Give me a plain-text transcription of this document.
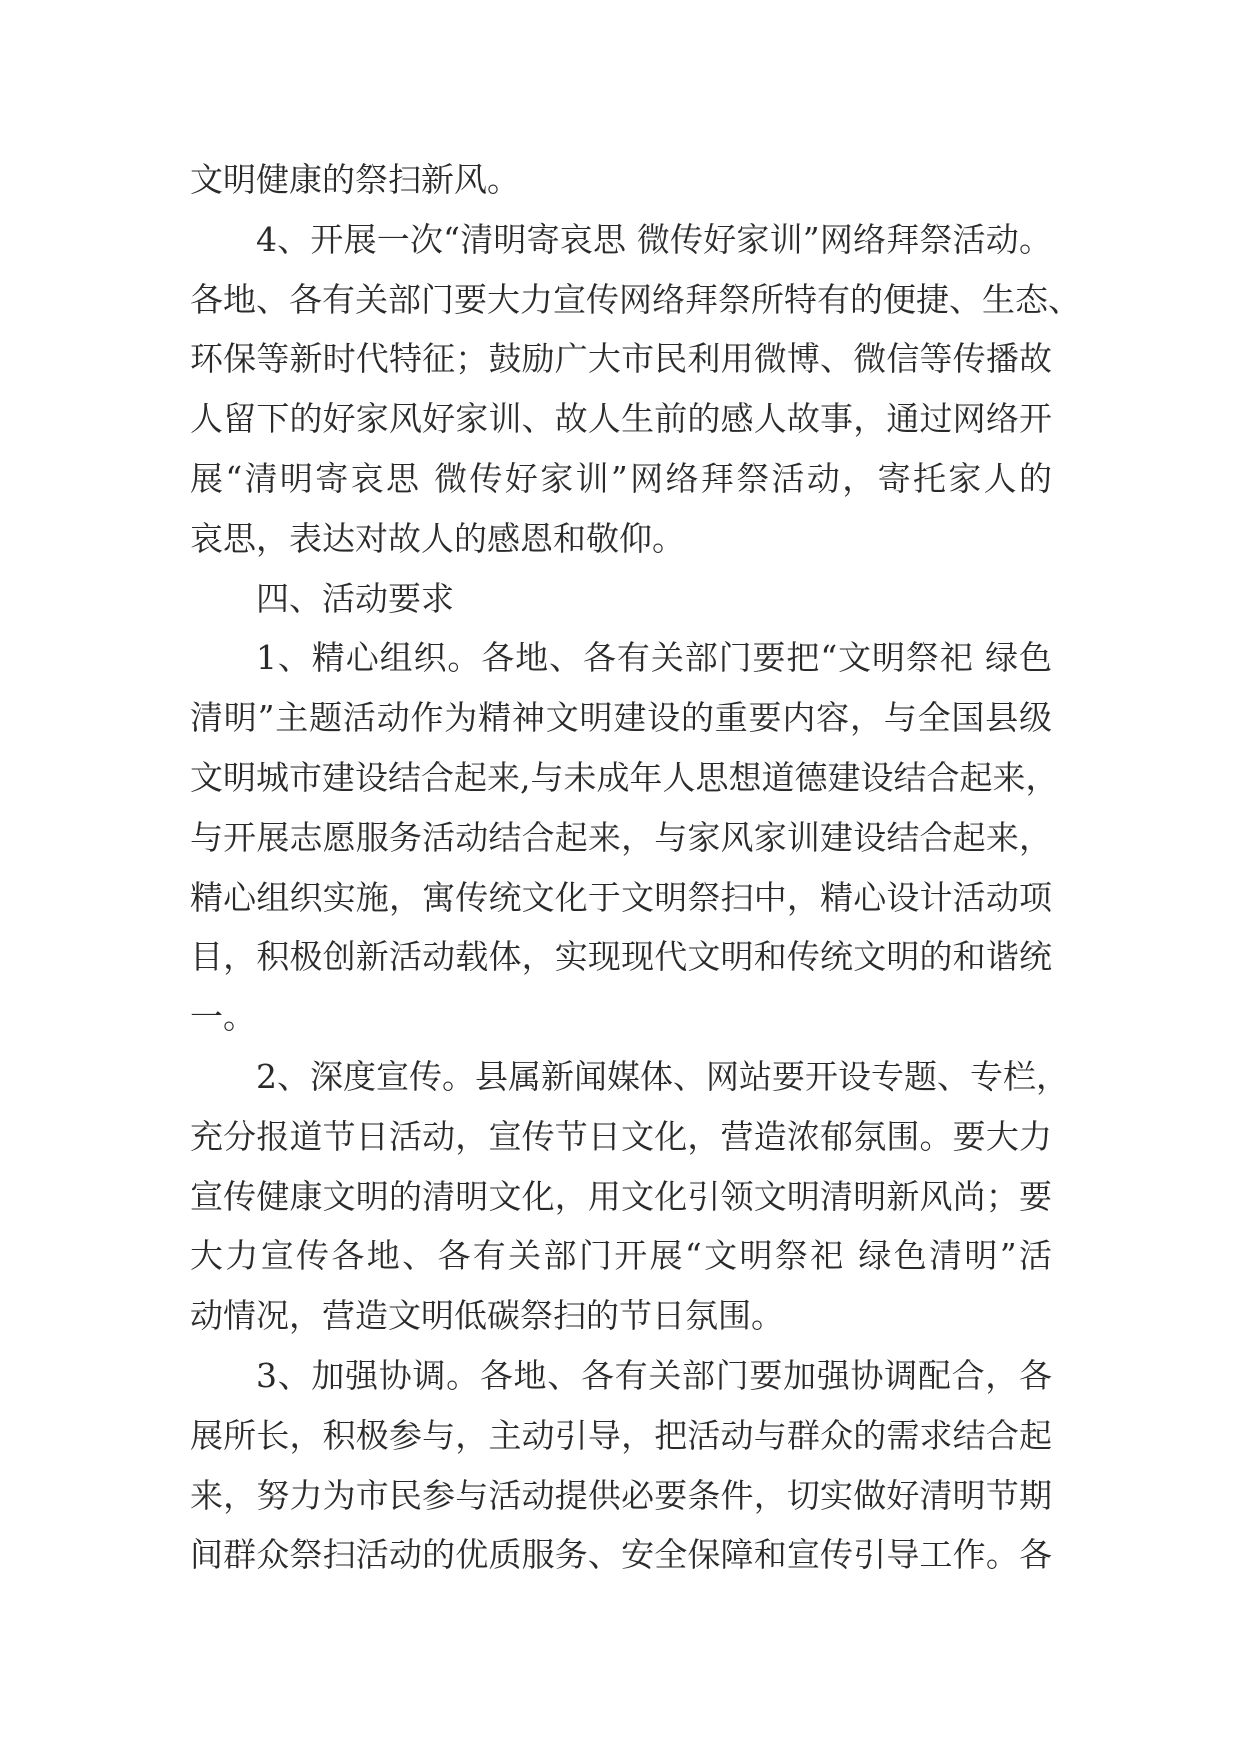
文明健康的祭扫新风。
4、开展一次“清明寄哀思 微传好家训”网络拜祭活动。
各地、各有关部门要大力宣传网络拜祭所特有的便捷、生态、
环保等新时代特征；鼓励广大市民利用微博、微信等传播故
人留下的好家风好家训、故人生前的感人故事，通过网络开
展“清明寄哀思 微传好家训”网络拜祭活动，寄托家人的
哀思，表达对故人的感恩和敬仰。
四、活动要求
1、精心组织。各地、各有关部门要把“文明祭祀 绿色
清明”主题活动作为精神文明建设的重要内容，与全国县级
文明城市建设结合起来,与未成年人思想道德建设结合起来，
与开展志愿服务活动结合起来，与家风家训建设结合起来，
精心组织实施，寓传统文化于文明祭扫中，精心设计活动项
目，积极创新活动载体，实现现代文明和传统文明的和谐统
一。
2、深度宣传。县属新闻媒体、网站要开设专题、专栏，
充分报道节日活动，宣传节日文化，营造浓郁氛围。要大力
宣传健康文明的清明文化，用文化引领文明清明新风尚；要
大力宣传各地、各有关部门开展“文明祭祀 绿色清明”活
动情况，营造文明低碳祭扫的节日氛围。
3、加强协调。各地、各有关部门要加强协调配合，各
展所长，积极参与，主动引导，把活动与群众的需求结合起
来，努力为市民参与活动提供必要条件，切实做好清明节期
间群众祭扫活动的优质服务、安全保障和宣传引导工作。各
